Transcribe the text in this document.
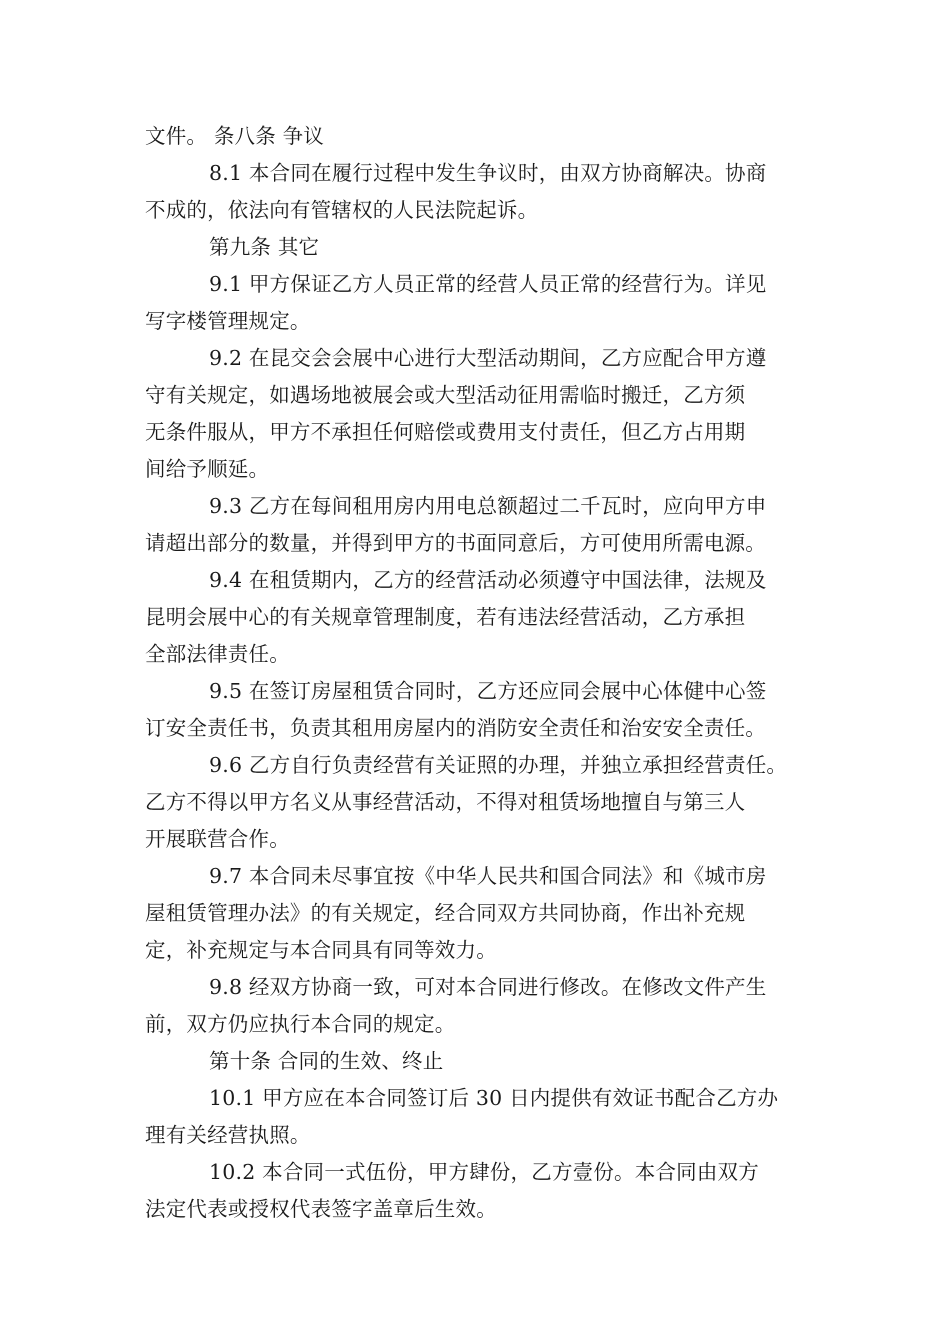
文件。 条八条 争议
8.1 本合同在履行过程中发生争议时，由双方协商解决。协商
不成的，依法向有管辖权的人民法院起诉。
第九条 其它
9.1 甲方保证乙方人员正常的经营人员正常的经营行为。详见
写字楼管理规定。
9.2 在昆交会会展中心进行大型活动期间，乙方应配合甲方遵
守有关规定，如遇场地被展会或大型活动征用需临时搬迁，乙方须
无条件服从，甲方不承担任何赔偿或费用支付责任，但乙方占用期
间给予顺延。
9.3 乙方在每间租用房内用电总额超过二千瓦时，应向甲方申
请超出部分的数量，并得到甲方的书面同意后，方可使用所需电源。
9.4 在租赁期内，乙方的经营活动必须遵守中国法律，法规及
昆明会展中心的有关规章管理制度，若有违法经营活动，乙方承担
全部法律责任。
9.5 在签订房屋租赁合同时，乙方还应同会展中心体健中心签
订安全责任书，负责其租用房屋内的消防安全责任和治安安全责任。
9.6 乙方自行负责经营有关证照的办理，并独立承担经营责任。
乙方不得以甲方名义从事经营活动，不得对租赁场地擅自与第三人
开展联营合作。
9.7 本合同未尽事宜按《中华人民共和国合同法》和《城市房
屋租赁管理办法》的有关规定，经合同双方共同协商，作出补充规
定，补充规定与本合同具有同等效力。
9.8 经双方协商一致，可对本合同进行修改。在修改文件产生
前，双方仍应执行本合同的规定。
第十条 合同的生效、终止
10.1 甲方应在本合同签订后 30 日内提供有效证书配合乙方办
理有关经营执照。
10.2 本合同一式伍份，甲方肆份，乙方壹份。本合同由双方
法定代表或授权代表签字盖章后生效。
